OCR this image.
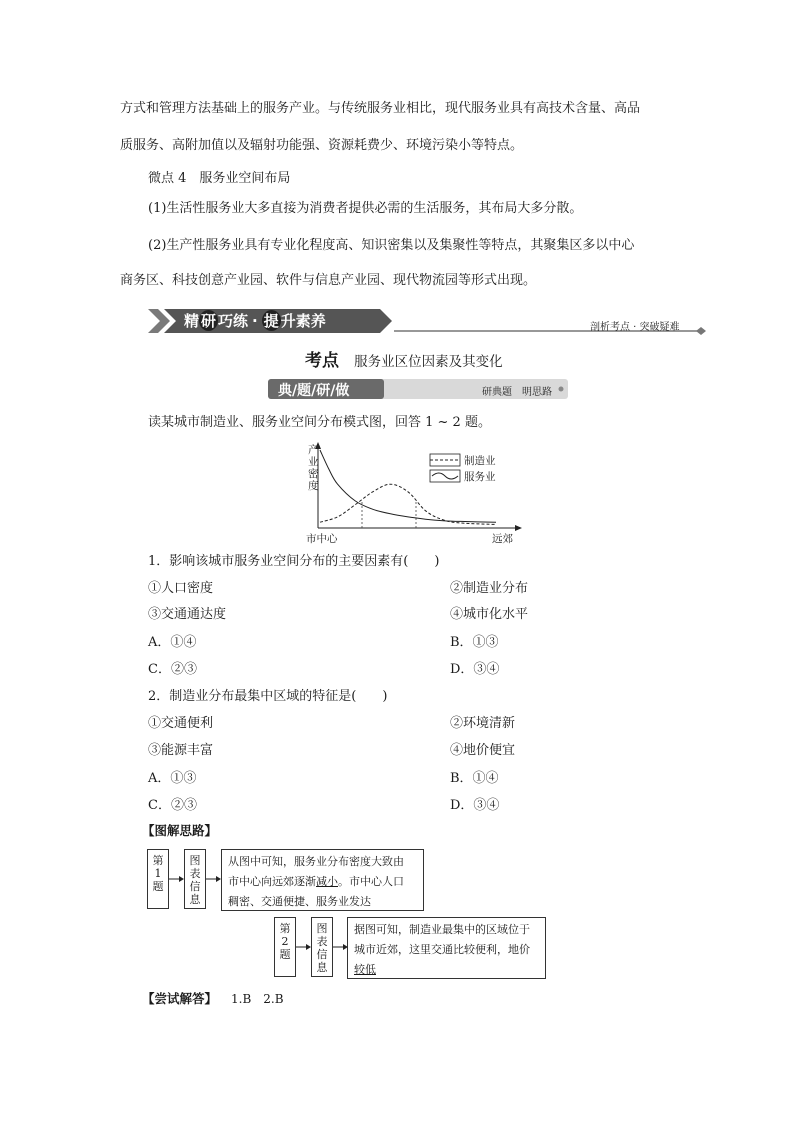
方式和管理方法基础上的服务产业。与传统服务业相比，现代服务业具有高技术含量、高品
质服务、高附加值以及辐射功能强、资源耗费少、环境污染小等特点。
微点 4　服务业空间布局
(1)生活性服务业大多直接为消费者提供必需的生活服务，其布局大多分散。
(2)生产性服务业具有专业化程度高、知识密集以及集聚性等特点，其聚集区多以中心
商务区、科技创意产业园、软件与信息产业园、现代物流园等形式出现。
精 研 巧练 · 提 升素养	剖析考点 · 突破疑难
考点 服务业区位因素及其变化
典/题/研/做	研典题　明思路
读某城市制造业、服务业空间分布模式图，回答 1 ~ 2 题。
产业密度
制造业
服务业
市中心	远郊
1．影响该城市服务业空间分布的主要因素有(　　)
①人口密度	②制造业分布
③交通通达度	④城市化水平
A．①④	B．①③
C．②③	D．③④
2．制造业分布最集中区域的特征是(　　)
①交通便利	②环境清新
③能源丰富	④地价便宜
A．①③	B．①④
C．②③	D．③④
【图解思路】
第1题
图表信息
从图中可知，服务业分布密度大致由
市中心向远郊逐渐减小。市中心人口
稠密、交通便捷、服务业发达
第2题
图表信息
据图可知，制造业最集中的区域位于
城市近郊，这里交通比较便利，地价
较低
【尝试解答】 1.B　2.B
